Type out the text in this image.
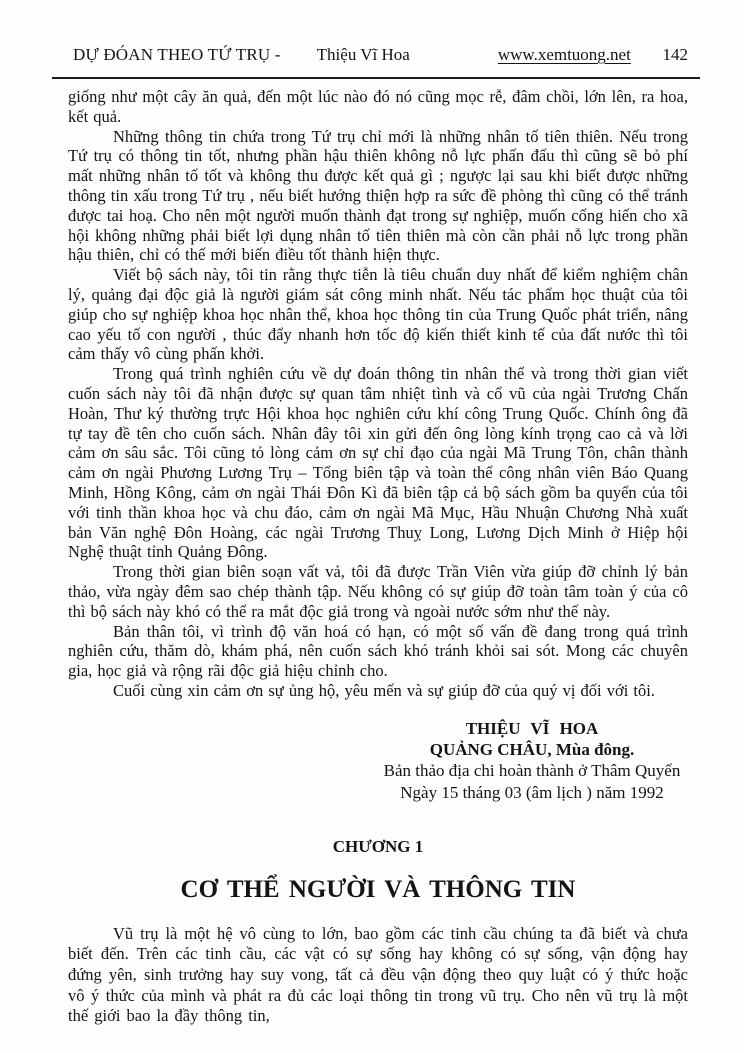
DỰ ĐÓAN THEO TỨ TRỤ - Thiệu Vĩ Hoa	www.xemtuong.net 142

giống như một cây ăn quả, đến một lúc nào đó nó cũng mọc rễ, đâm chồi, lớn lên, ra hoa, kết quả.

Những thông tin chứa trong Tứ trụ chỉ mới là những nhân tố tiên thiên. Nếu trong Tứ trụ có thông tin tốt, nhưng phần hậu thiên không nỗ lực phấn đấu thì cũng sẽ bỏ phí mất những nhân tố tốt và không thu được kết quả gì ; ngược lại sau khi biết được những thông tin xấu trong Tứ trụ , nếu biết hướng thiện hợp ra sức đề phòng thì cũng có thể tránh được tai hoạ. Cho nên một người muốn thành đạt trong sự nghiệp, muốn cống hiến cho xã hội không những phải biết lợi dụng nhân tố tiên thiên mà còn cần phải nỗ lực trong phần hậu thiên, chỉ có thế mới biến điều tốt thành hiện thực.

Viết bộ sách này, tôi tin rằng thực tiễn là tiêu chuẩn duy nhất để kiểm nghiệm chân lý, quảng đại độc giả là người giám sát công minh nhất. Nếu tác phẩm học thuật của tôi giúp cho sự nghiệp khoa học nhân thể, khoa học thông tin của Trung Quốc phát triển, nâng cao yếu tố con người , thúc đẩy nhanh hơn tốc độ kiến thiết kinh tế của đất nước thì tôi cảm thấy vô cùng phấn khởi.

Trong quá trình nghiên cứu về dự đoán thông tin nhân thể và trong thời gian viết cuốn sách này tôi đã nhận được sự quan tâm nhiệt tình và cổ vũ của ngài Trương Chấn Hoàn, Thư ký thường trực Hội khoa học nghiên cứu khí công Trung Quốc. Chính ông đã tự tay đề tên cho cuốn sách. Nhân đây tôi xin gửi đến ông lòng kính trọng cao cả và lời cảm ơn sâu sắc. Tôi cũng tỏ lòng cảm ơn sự chỉ đạo của ngài Mã Trung Tôn, chân thành cảm ơn ngài Phương Lương Trụ – Tổng biên tập và toàn thể công nhân viên Báo Quang Minh, Hồng Kông, cảm ơn ngài Thái Đôn Kì đã biên tập cả bộ sách gồm ba quyển của tôi với tinh thần khoa học và chu đáo, cảm ơn ngài Mã Mục, Hầu Nhuận Chương Nhà xuất bản Văn nghệ Đôn Hoàng, các ngài Trương Thuỵ Long, Lương Dịch Minh ở Hiệp hội Nghệ thuật tỉnh Quảng Đông.

Trong thời gian biên soạn vất vả, tôi đã được Trần Viên vừa giúp đỡ chỉnh lý bản thảo, vừa ngày đêm sao chép thành tập. Nếu không có sự giúp đỡ toàn tâm toàn ý của cô thì bộ sách này khó có thể ra mắt độc giả trong và ngoài nước sớm như thế này.

Bản thân tôi, vì trình độ văn hoá có hạn, có một số vấn đề đang trong quá trình nghiên cứu, thăm dò, khám phá, nên cuốn sách khó tránh khỏi sai sót. Mong các chuyên gia, học giả và rộng rãi độc giả hiệu chỉnh cho.

Cuối cùng xin cảm ơn sự ủng hộ, yêu mến và sự giúp đỡ của quý vị đối với tôi.

THIỆU VĨ HOA
QUẢNG CHÂU, Mùa đông.
Bản thảo địa chi hoàn thành ở Thâm Quyến
Ngày 15 tháng 03 (âm lịch ) năm 1992
CHƯƠNG 1
CƠ THỂ NGƯỜI VÀ THÔNG TIN

Vũ trụ là một hệ vô cùng to lớn, bao gồm các tinh cầu chúng ta đã biết và chưa biết đến. Trên các tinh cầu, các vật có sự sống hay không có sự sống, vận động hay đứng yên, sinh trưởng hay suy vong, tất cả đều vận động theo quy luật có ý thức hoặc vô ý thức của mình và phát ra đủ các loại thông tin trong vũ trụ. Cho nên vũ trụ là một thế giới bao la đầy thông tin,
